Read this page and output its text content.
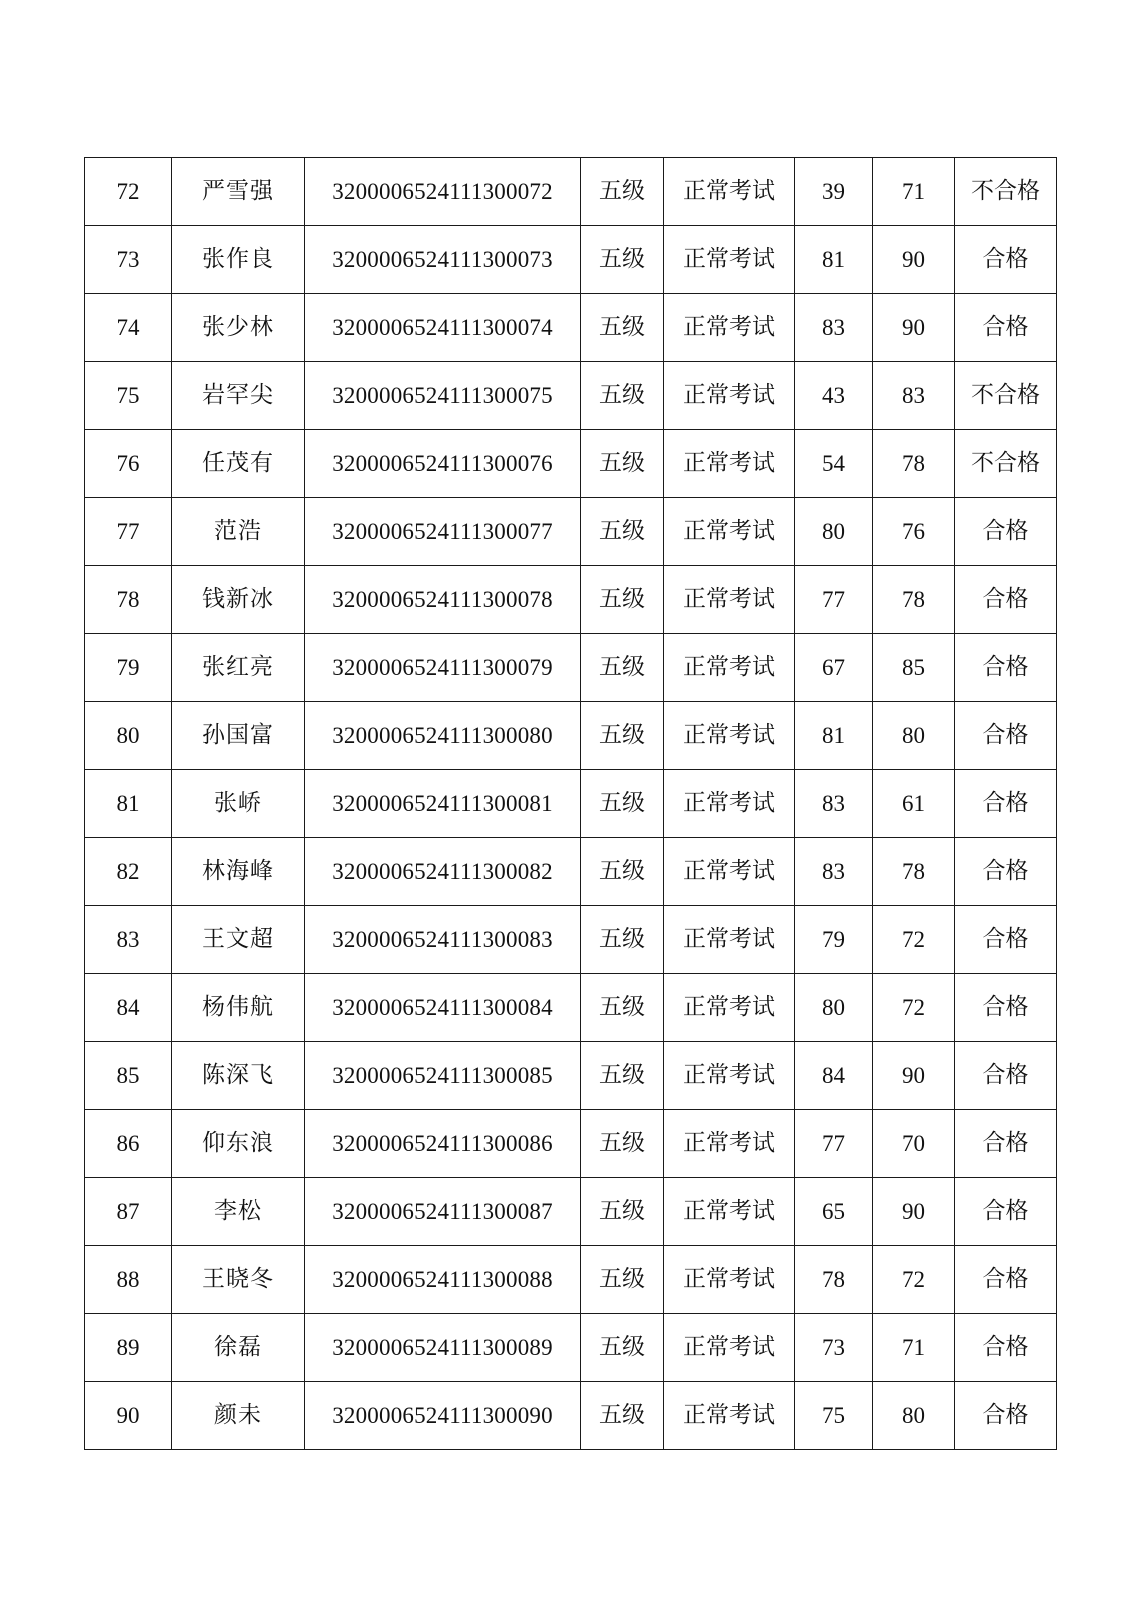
72	严雪强	3200006524111300072	五级	正常考试	39	71	不合格
73	张作良	3200006524111300073	五级	正常考试	81	90	合格
74	张少林	3200006524111300074	五级	正常考试	83	90	合格
75	岩罕尖	3200006524111300075	五级	正常考试	43	83	不合格
76	任茂有	3200006524111300076	五级	正常考试	54	78	不合格
77	范浩	3200006524111300077	五级	正常考试	80	76	合格
78	钱新冰	3200006524111300078	五级	正常考试	77	78	合格
79	张红亮	3200006524111300079	五级	正常考试	67	85	合格
80	孙国富	3200006524111300080	五级	正常考试	81	80	合格
81	张峤	3200006524111300081	五级	正常考试	83	61	合格
82	林海峰	3200006524111300082	五级	正常考试	83	78	合格
83	王文超	3200006524111300083	五级	正常考试	79	72	合格
84	杨伟航	3200006524111300084	五级	正常考试	80	72	合格
85	陈深飞	3200006524111300085	五级	正常考试	84	90	合格
86	仰东浪	3200006524111300086	五级	正常考试	77	70	合格
87	李松	3200006524111300087	五级	正常考试	65	90	合格
88	王晓冬	3200006524111300088	五级	正常考试	78	72	合格
89	徐磊	3200006524111300089	五级	正常考试	73	71	合格
90	颜未	3200006524111300090	五级	正常考试	75	80	合格
